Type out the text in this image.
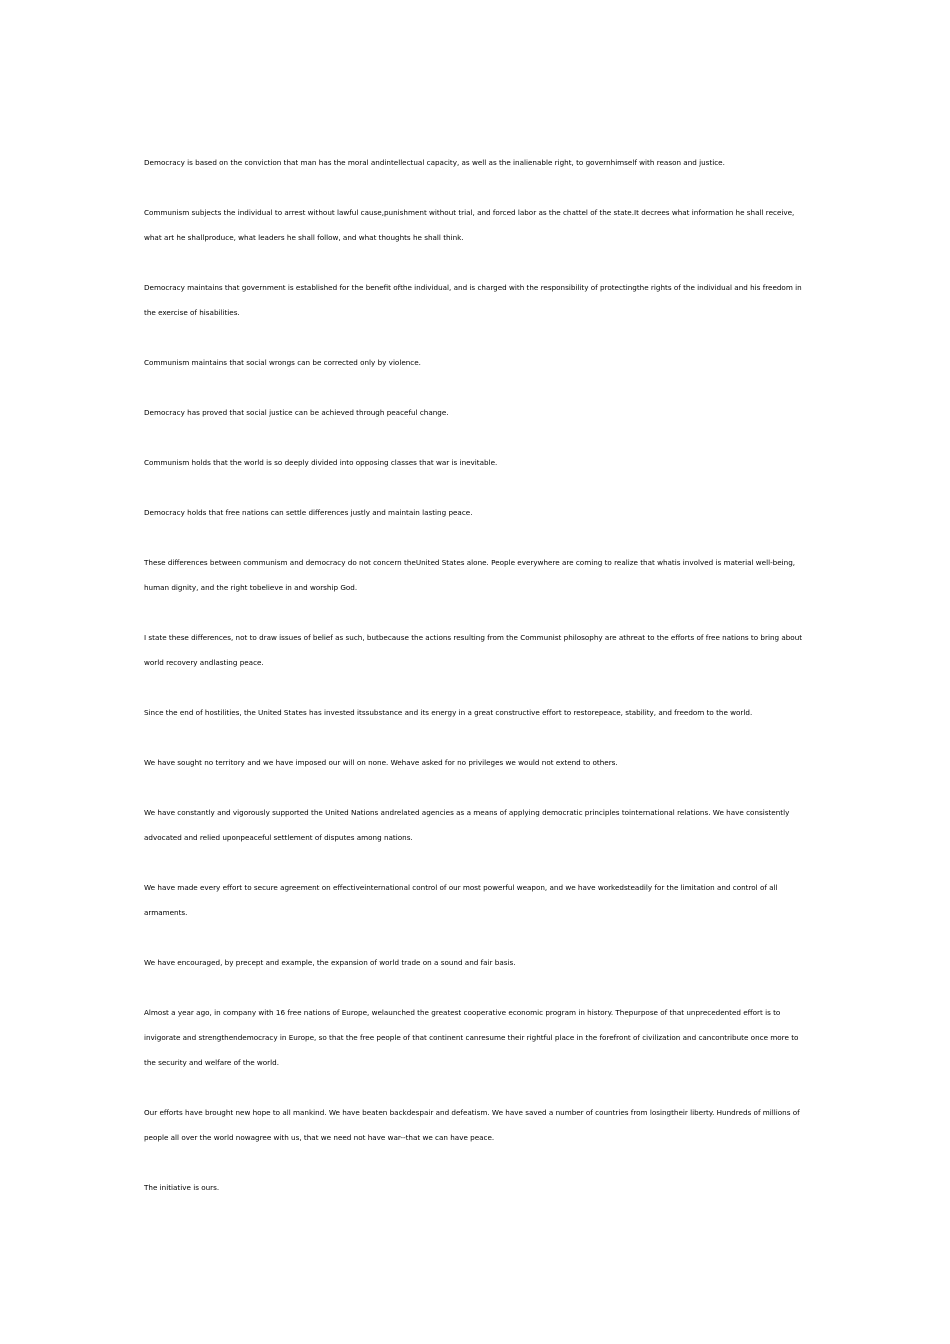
Democracy is based on the conviction that man has the moral andintellectual capacity, as well as the inalienable right, to governhimself with reason and justice.

Communism subjects the individual to arrest without lawful cause,punishment without trial, and forced labor as the chattel of the state.It decrees what information he shall receive, what art he shallproduce, what leaders he shall follow, and what thoughts he shall think.

Democracy maintains that government is established for the benefit ofthe individual, and is charged with the responsibility of protectingthe rights of the individual and his freedom in the exercise of hisabilities.

Communism maintains that social wrongs can be corrected only by violence.

Democracy has proved that social justice can be achieved through peaceful change.

Communism holds that the world is so deeply divided into opposing classes that war is inevitable.

Democracy holds that free nations can settle differences justly and maintain lasting peace.

These differences between communism and democracy do not concern theUnited States alone. People everywhere are coming to realize that whatis involved is material well-being, human dignity, and the right tobelieve in and worship God.

I state these differences, not to draw issues of belief as such, butbecause the actions resulting from the Communist philosophy are athreat to the efforts of free nations to bring about world recovery andlasting peace.

Since the end of hostilities, the United States has invested itssubstance and its energy in a great constructive effort to restorepeace, stability, and freedom to the world.

We have sought no territory and we have imposed our will on none. Wehave asked for no privileges we would not extend to others.

We have constantly and vigorously supported the United Nations andrelated agencies as a means of applying democratic principles tointernational relations. We have consistently advocated and relied uponpeaceful settlement of disputes among nations.

We have made every effort to secure agreement on effectiveinternational control of our most powerful weapon, and we have workedsteadily for the limitation and control of all armaments.

We have encouraged, by precept and example, the expansion of world trade on a sound and fair basis.

Almost a year ago, in company with 16 free nations of Europe, welaunched the greatest cooperative economic program in history. Thepurpose of that unprecedented effort is to invigorate and strengthendemocracy in Europe, so that the free people of that continent canresume their rightful place in the forefront of civilization and cancontribute once more to the security and welfare of the world.

Our efforts have brought new hope to all mankind. We have beaten backdespair and defeatism. We have saved a number of countries from losingtheir liberty. Hundreds of millions of people all over the world nowagree with us, that we need not have war--that we can have peace.

The initiative is ours.
